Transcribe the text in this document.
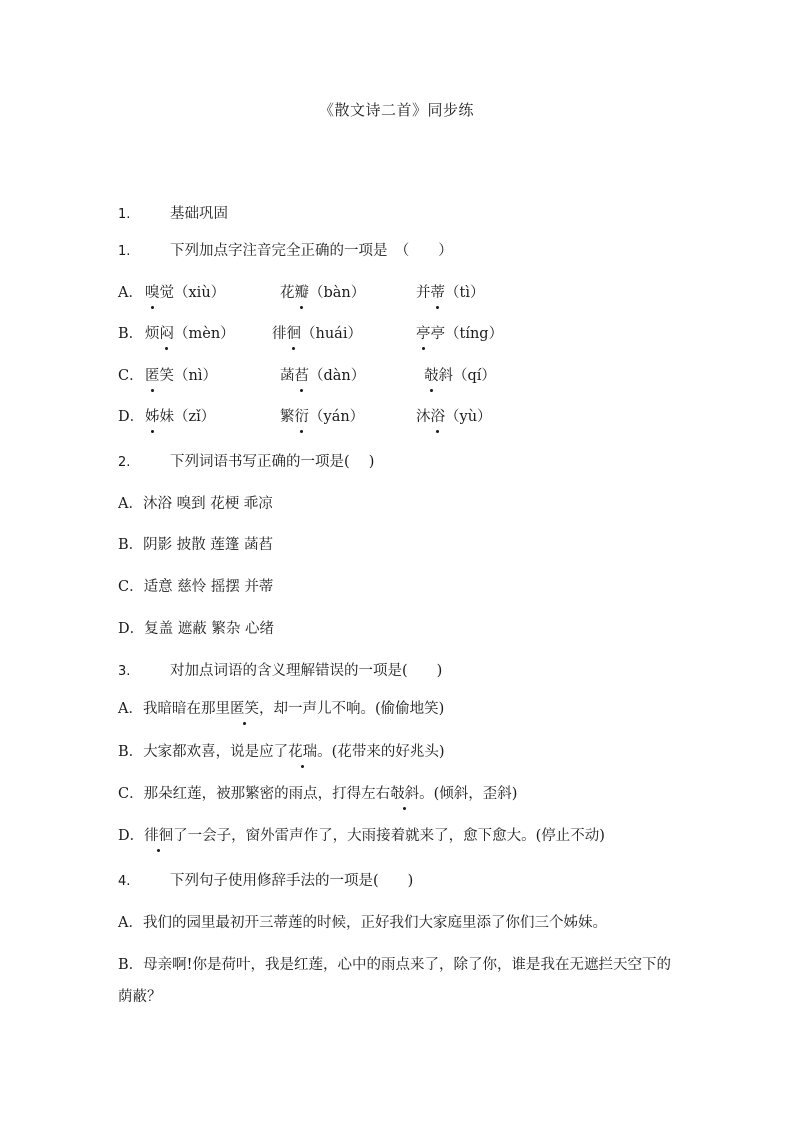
《散文诗二首》同步练
1.	基础巩固
1.	下列加点字注音完全正确的一项是　（　　）
A． 嗅觉（xiù）	花瓣（bàn）	并蒂（tì）
B． 烦闷（mèn）	徘徊（huái）	亭亭（tíng）
C． 匿笑（nì）	菡萏（dàn）	攲斜（qí）
D． 姊妹（zǐ）	繁衍（yán）	沐浴（yù）
2.	下列词语书写正确的一项是(　 )
A．沐浴 嗅到 花梗 乖凉
B．阴影 披散 莲篷 菡萏
C．适意 慈怜 摇摆 并蒂
D．复盖 遮蔽 繁杂 心绪
3.	对加点词语的含义理解错误的一项是(　　)
A．我暗暗在那里匿笑，却一声儿不响。(偷偷地笑)
B．大家都欢喜，说是应了花瑞。(花带来的好兆头)
C．那朵红莲，被那繁密的雨点，打得左右攲斜。(倾斜，歪斜)
D．徘徊了一会子，窗外雷声作了，大雨接着就来了，愈下愈大。(停止不动)
4.	下列句子使用修辞手法的一项是(　　)
A．我们的园里最初开三蒂莲的时候，正好我们大家庭里添了你们三个姊妹。
B．母亲啊!你是荷叶，我是红莲，心中的雨点来了，除了你，谁是我在无遮拦天空下的荫蔽？
